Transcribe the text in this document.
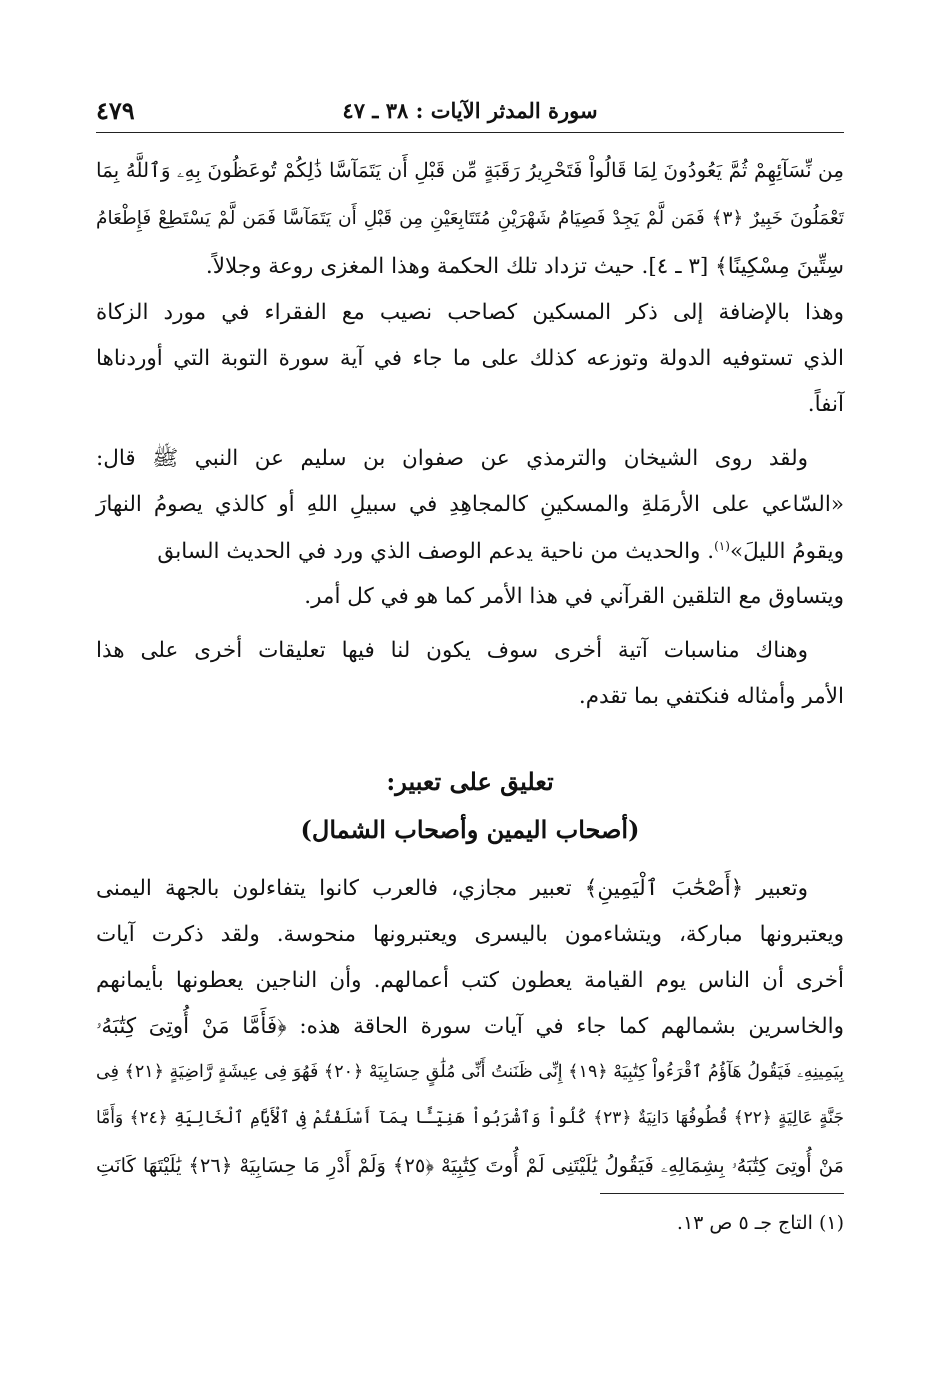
سورة المدثر الآيات : ٣٨ ـ ٤٧
٤٧٩
مِن نِّسَآئِهِمْ ثُمَّ يَعُودُونَ لِمَا قَالُواْ فَتَحْرِيرُ رَقَبَةٍ مِّن قَبْلِ أَن يَتَمَآسَّا ذَٰلِكُمْ تُوعَظُونَ بِهِۦ وَٱللَّهُ بِمَا
تَعْمَلُونَ خَبِيرٌ ﴿٣﴾ فَمَن لَّمْ يَجِدْ فَصِيَامُ شَهْرَيْنِ مُتَتَابِعَيْنِ مِن قَبْلِ أَن يَتَمَآسَّا فَمَن لَّمْ يَسْتَطِعْ فَإِطْعَامُ
سِتِّينَ مِسْكِينًا﴾ [٣ ـ ٤]. حيث تزداد تلك الحكمة وهذا المغزى روعة وجلالاً.
وهذا بالإضافة إلى ذكر المسكين كصاحب نصيب مع الفقراء في مورد الزكاة
الذي تستوفيه الدولة وتوزعه كذلك على ما جاء في آية سورة التوبة التي أوردناها
آنفاً.
ولقد روى الشيخان والترمذي عن صفوان بن سليم عن النبي ﷺ قال:
«السّاعي على الأرمَلةِ والمسكينِ كالمجاهِدِ في سبيلِ اللهِ أو كالذي يصومُ النهارَ
ويقومُ الليلَ»$^{(١)}$. والحديث من ناحية يدعم الوصف الذي ورد في الحديث السابق
ويتساوق مع التلقين القرآني في هذا الأمر كما هو في كل أمر.
وهناك مناسبات آتية أخرى سوف يكون لنا فيها تعليقات أخرى على هذا
الأمر وأمثاله فنكتفي بما تقدم.
تعليق على تعبير:
(أصحاب اليمين وأصحاب الشمال)
وتعبير ﴿أَصْحَٰبَ ٱلْيَمِينِ﴾ تعبير مجازي، فالعرب كانوا يتفاءلون بالجهة اليمنى
ويعتبرونها مباركة، ويتشاءمون باليسرى ويعتبرونها منحوسة. ولقد ذكرت آيات
أخرى أن الناس يوم القيامة يعطون كتب أعمالهم. وأن الناجين يعطونها بأيمانهم
والخاسرين بشمالهم كما جاء في آيات سورة الحاقة هذه: ﴿فَأَمَّا مَنْ أُوتِىَ كِتَٰبَهُۥ
بِيَمِينِهِۦ فَيَقُولُ هَآؤُمُ ٱقْرَءُواْ كِتَٰبِيَهْ ﴿١٩﴾ إِنِّى ظَنَنتُ أَنِّى مُلَٰقٍ حِسَابِيَهْ ﴿٢٠﴾ فَهُوَ فِى عِيشَةٍ رَّاضِيَةٍ ﴿٢١﴾ فِى
جَنَّةٍ عَالِيَةٍ ﴿٢٢﴾ قُطُوفُهَا دَانِيَةٌ ﴿٢٣﴾ كُلُواْ وَٱشْرَبُواْ هَنِيٓـًٔا بِمَآ أَسْلَفْتُمْ فِى ٱلْأَيَّامِ ٱلْخَالِيَةِ ﴿٢٤﴾ وَأَمَّا
مَنْ أُوتِىَ كِتَٰبَهُۥ بِشِمَالِهِۦ فَيَقُولُ يَٰلَيْتَنِى لَمْ أُوتَ كِتَٰبِيَهْ ﴿٢٥﴾ وَلَمْ أَدْرِ مَا حِسَابِيَهْ ﴿٢٦﴾ يَٰلَيْتَهَا كَانَتِ
(١) التاج جـ ٥ ص ١٣.
